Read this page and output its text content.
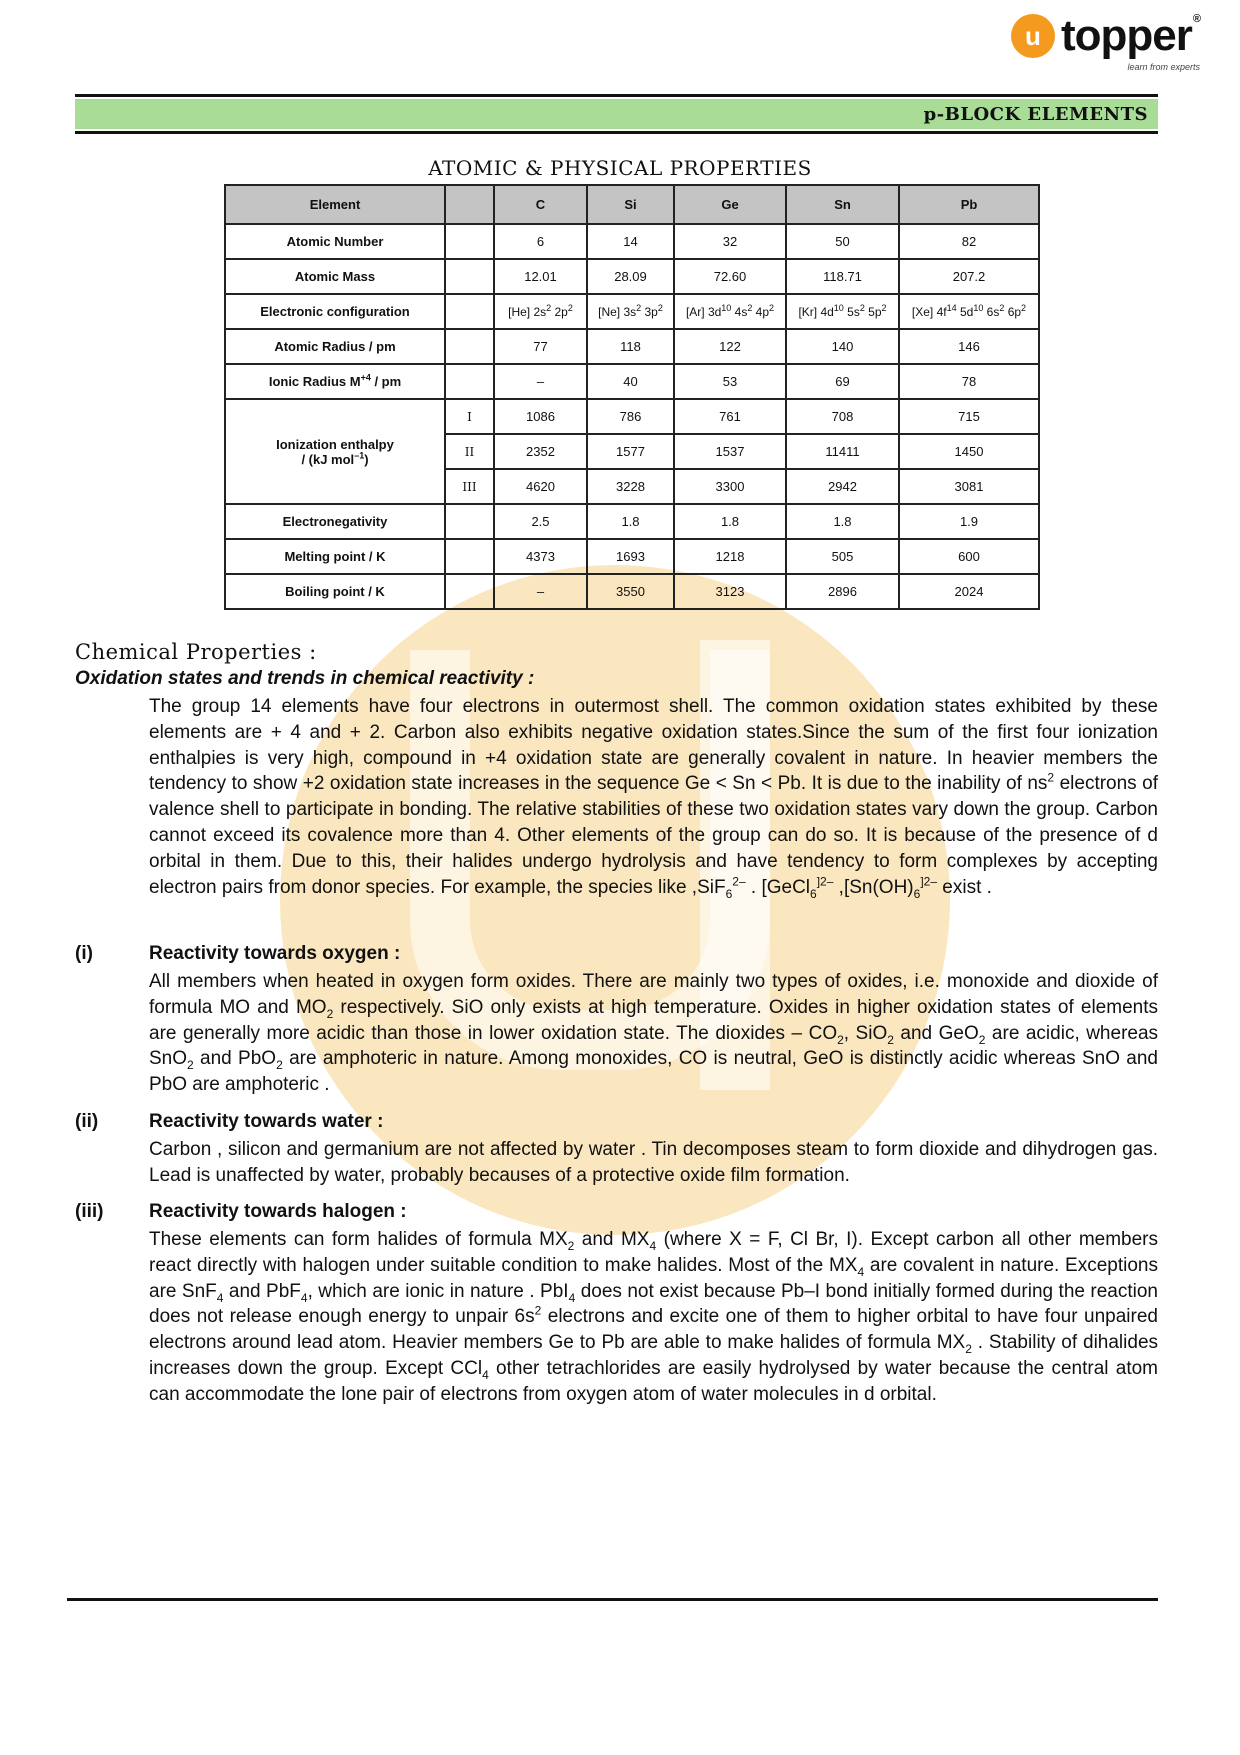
u topper®
learn from experts
p-BLOCK ELEMENTS
ATOMIC & PHYSICAL PROPERTIES
Element		C	Si	Ge	Sn	Pb
Atomic Number		6	14	32	50	82
Atomic Mass		12.01	28.09	72.60	118.71	207.2
Electronic configuration		[He] $2s^2$ $2p^2$	[Ne] $3s^2$ $3p^2$	[Ar] $3d^{10}$ $4s^2$ $4p^2$	[Kr] $4d^{10}$ $5s^2$ $5p^2$	[Xe] $4f^{14}$ $5d^{10}$ $6s^2$ $6p^2$
Atomic Radius / pm		77	118	122	140	146
Ionic Radius $M^{+4}$ / pm		–	40	53	69	78
Ionization enthalpy
/ (kJ mol$^{-1}$)	I	1086	786	761	708	715
	II	2352	1577	1537	11411	1450
	III	4620	3228	3300	2942	3081
Electronegativity		2.5	1.8	1.8	1.8	1.9
Melting point / K		4373	1693	1218	505	600
Boiling point / K		–	3550	3123	2896	2024
Chemical Properties :
Oxidation states and trends in chemical reactivity :
The group 14 elements have four electrons in outermost shell. The common oxidation states exhibited by these elements are + 4 and + 2. Carbon also exhibits negative oxidation states.Since the sum of the first four ionization enthalpies is very high, compound in +4 oxidation state are generally covalent in nature. In heavier members the tendency to show +2 oxidation state increases in the sequence Ge < Sn < Pb. It is due to the inability of $ns^2$ electrons of valence shell to participate in bonding. The relative stabilities of these two oxidation states vary down the group. Carbon cannot exceed its covalence more than 4. Other elements of the group can do so. It is because of the presence of d orbital in them. Due to this, their halides undergo hydrolysis and have tendency to form complexes by accepting electron pairs from donor species. For example, the species like ,SiF$_6^{2-}$ . [GeCl$_6^{]2-}$ $,[Sn(OH)_6^{]2-}$ exist .
(i)	Reactivity towards oxygen :
All members when heated in oxygen form oxides. There are mainly two types of oxides, i.e. monoxide and dioxide of formula MO and $MO_2$ respectively. SiO only exists at high temperature. Oxides in higher oxidation states of elements are generally more acidic than those in lower oxidation state. The dioxides – $CO_2$, SiO$_2$ and GeO$_2$ are acidic, whereas SnO$_2$ and PbO$_2$ are amphoteric in nature. Among monoxides, CO is neutral, GeO is distinctly acidic whereas SnO and PbO are amphoteric .
(ii)	Reactivity towards water :
Carbon , silicon and germanium are not affected by water . Tin decomposes steam to form dioxide and dihydrogen gas. Lead is unaffected by water, probably becauses of a protective oxide film formation.
(iii) Reactivity towards halogen :
These elements can form halides of formula $MX_2$ and $MX_4$ (where X = F, Cl Br, I). Except carbon all other members react directly with halogen under suitable condition to make halides. Most of the $MX_4$ are covalent in nature. Exceptions are SnF$_4$ and PbF$_4$, which are ionic in nature . PbI$_4$ does not exist because Pb–I bond initially formed during the reaction does not release enough energy to unpair $6s^2$ electrons and excite one of them to higher orbital to have four unpaired electrons around lead atom. Heavier members Ge to Pb are able to make halides of formula $MX_2$ . Stability of dihalides increases down the group. Except CCl$_4$ other tetrachlorides are easily hydrolysed by water because the central atom can accommodate the lone pair of electrons from oxygen atom of water molecules in d orbital.
